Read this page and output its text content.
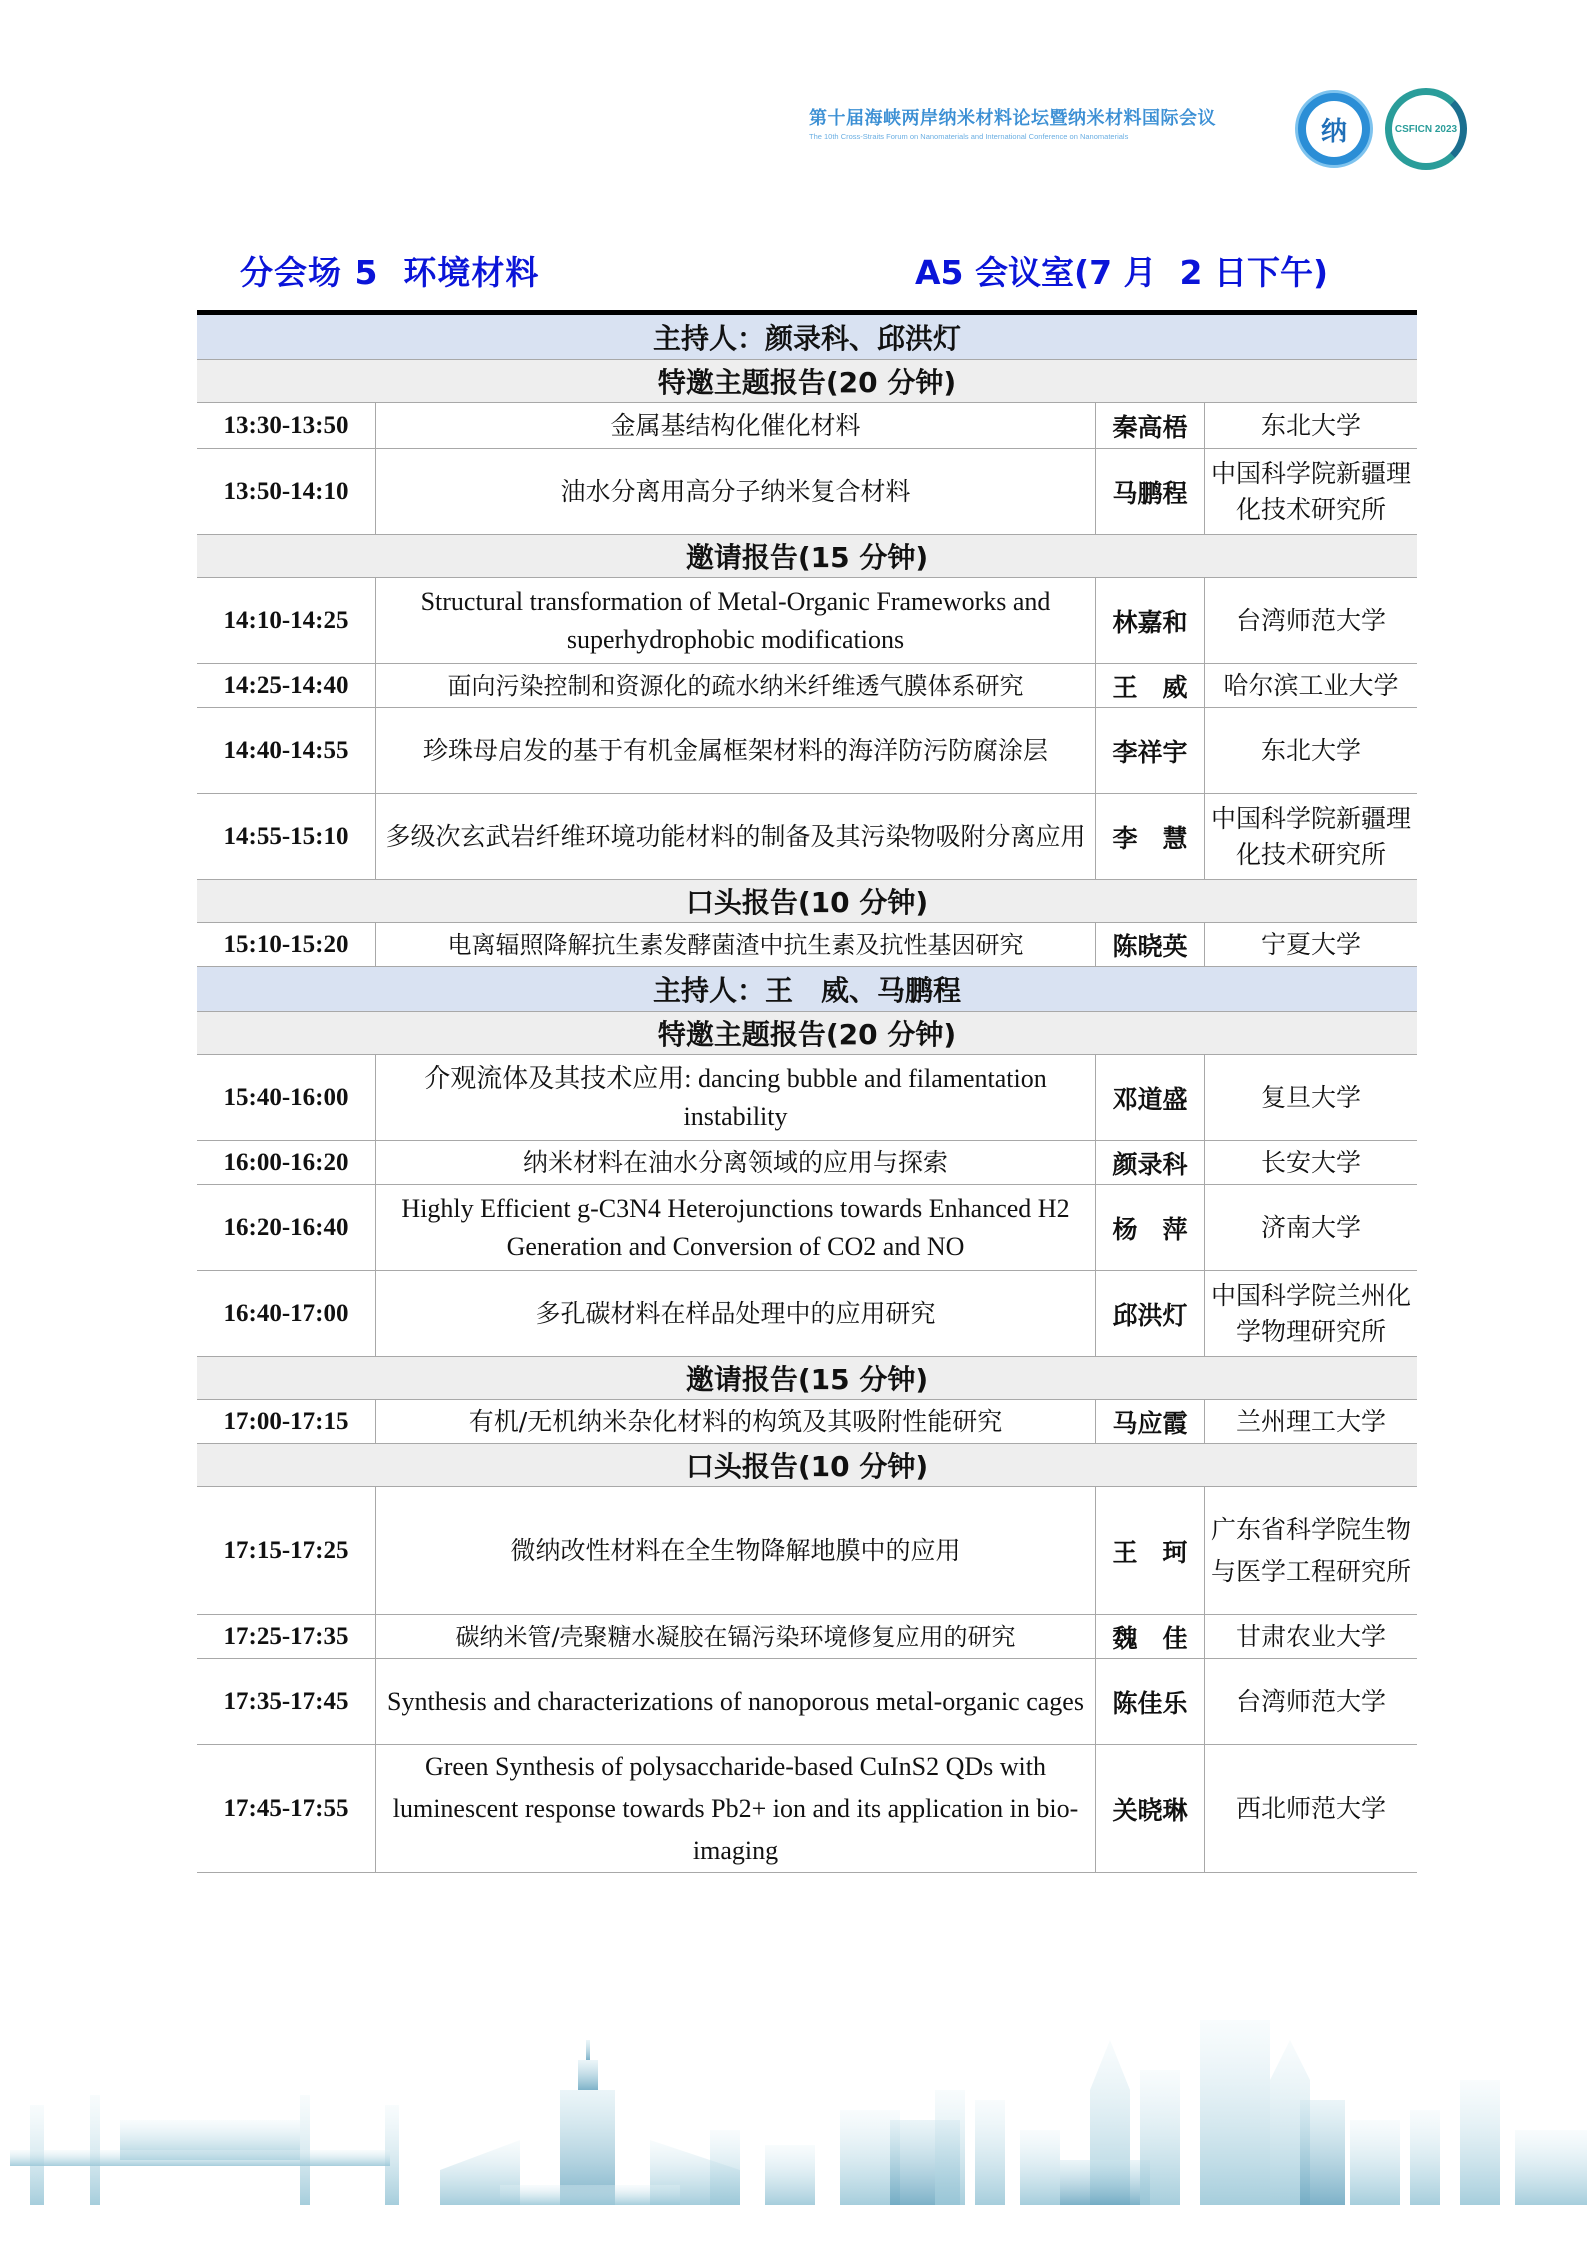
第十届海峡两岸纳米材料论坛暨纳米材料国际会议
The 10th Cross-Straits Forum on Nanomaterials and International Conference on Nanomaterials	纳	CSFICN 2023
分会场 5  环境材料	A5 会议室(7 月  2 日下午)
主持人：颜录科、邱洪灯			
特邀主题报告(20 分钟)			
13:30-13:50	金属基结构化催化材料	秦高梧	东北大学
13:50-14:10	油水分离用高分子纳米复合材料	马鹏程	中国科学院新疆理化技术研究所
邀请报告(15 分钟)			
14:10-14:25	Structural transformation of Metal-Organic Frameworks and superhydrophobic modifications	林嘉和	台湾师范大学
14:25-14:40	面向污染控制和资源化的疏水纳米纤维透气膜体系研究	王　威	哈尔滨工业大学
14:40-14:55	珍珠母启发的基于有机金属框架材料的海洋防污防腐涂层	李祥宇	东北大学
14:55-15:10	多级次玄武岩纤维环境功能材料的制备及其污染物吸附分离应用	李　慧	中国科学院新疆理化技术研究所
口头报告(10 分钟)			
15:10-15:20	电离辐照降解抗生素发酵菌渣中抗生素及抗性基因研究	陈晓英	宁夏大学
主持人：王　威、马鹏程			
特邀主题报告(20 分钟)			
15:40-16:00	介观流体及其技术应用: dancing bubble and filamentation instability	邓道盛	复旦大学
16:00-16:20	纳米材料在油水分离领域的应用与探索	颜录科	长安大学
16:20-16:40	Highly Efficient g-C3N4 Heterojunctions towards Enhanced H2 Generation and Conversion of CO2 and NO	杨　萍	济南大学
16:40-17:00	多孔碳材料在样品处理中的应用研究	邱洪灯	中国科学院兰州化学物理研究所
邀请报告(15 分钟)			
17:00-17:15	有机/无机纳米杂化材料的构筑及其吸附性能研究	马应霞	兰州理工大学
口头报告(10 分钟)			
17:15-17:25	微纳改性材料在全生物降解地膜中的应用	王　珂	广东省科学院生物与医学工程研究所
17:25-17:35	碳纳米管/壳聚糖水凝胶在镉污染环境修复应用的研究	魏　佳	甘肃农业大学
17:35-17:45	Synthesis and characterizations of nanoporous metal-organic cages	陈佳乐	台湾师范大学
17:45-17:55	Green Synthesis of polysaccharide-based CuInS2 QDs with luminescent response towards Pb2+ ion and its application in bio-imaging	关晓琳	西北师范大学
